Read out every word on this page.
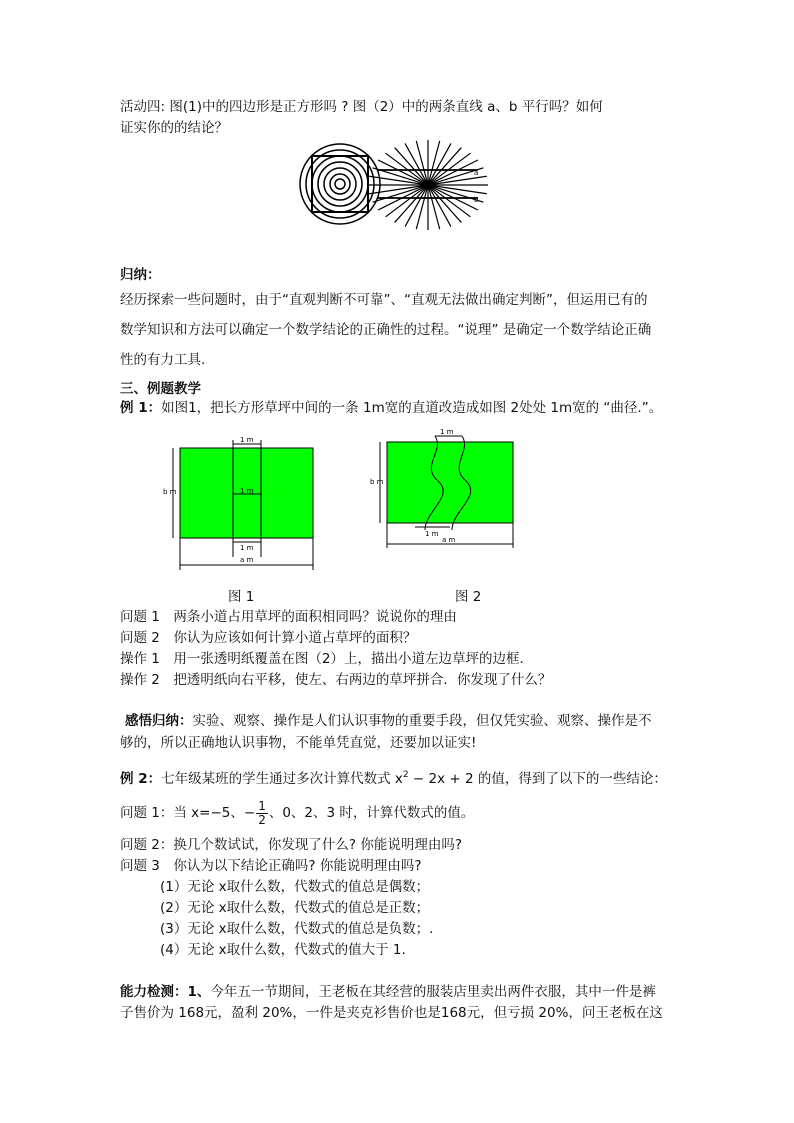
活动四: 图(1)中的四边形是正方形吗 ? 图（2）中的两条直线 a、b 平行吗？如何
证实你的的结论？
a
b
归纳：
经历探索一些问题时，由于“直观判断不可靠”、“直观无法做出确定判断”，但运用已有的
数学知识和方法可以确定一个数学结论的正确性的过程。“说理” 是确定一个数学结论正确
性的有力工具.
三、例题教学
例 1：如图1，把长方形草坪中间的一条 1m宽的直道改造成如图 2处处 1m宽的 “曲径.”。
1 m
1 m
1 m
b m
a m
图 1
1 m
1 m
b m
a m
图 2
问题 1　两条小道占用草坪的面积相同吗？说说你的理由
问题 2　你认为应该如何计算小道占草坪的面积？
操作 1　用一张透明纸覆盖在图（2）上，描出小道左边草坪的边框．
操作 2　把透明纸向右平移，使左、右两边的草坪拼合．你发现了什么？
感悟归纳：实验、观察、操作是人们认识事物的重要手段，但仅凭实验、观察、操作是不
够的，所以正确地认识事物，不能单凭直觉，还要加以证实!
例 2：七年级某班的学生通过多次计算代数式 $x^2 - 2x + 2$ 的值，得到了以下的一些结论：
问题 1：当 x=−5、− $\frac{1}{2}$ 、0、2、3 时，计算代数式的值。
问题 2：换几个数试试，你发现了什么? 你能说明理由吗?
问题 3　你认为以下结论正确吗? 你能说明理由吗?
(1）无论 x取什么数，代数式的值总是偶数；
(2）无论 x取什么数，代数式的值总是正数；
(3）无论 x取什么数，代数式的值总是负数；.
(4）无论 x取什么数，代数式的值大于 1.
能力检测：1、今年五一节期间，王老板在其经营的服装店里卖出两件衣服，其中一件是裤
子售价为 168元，盈利 20%，一件是夹克衫售价也是168元，但亏损 20%，问王老板在这
